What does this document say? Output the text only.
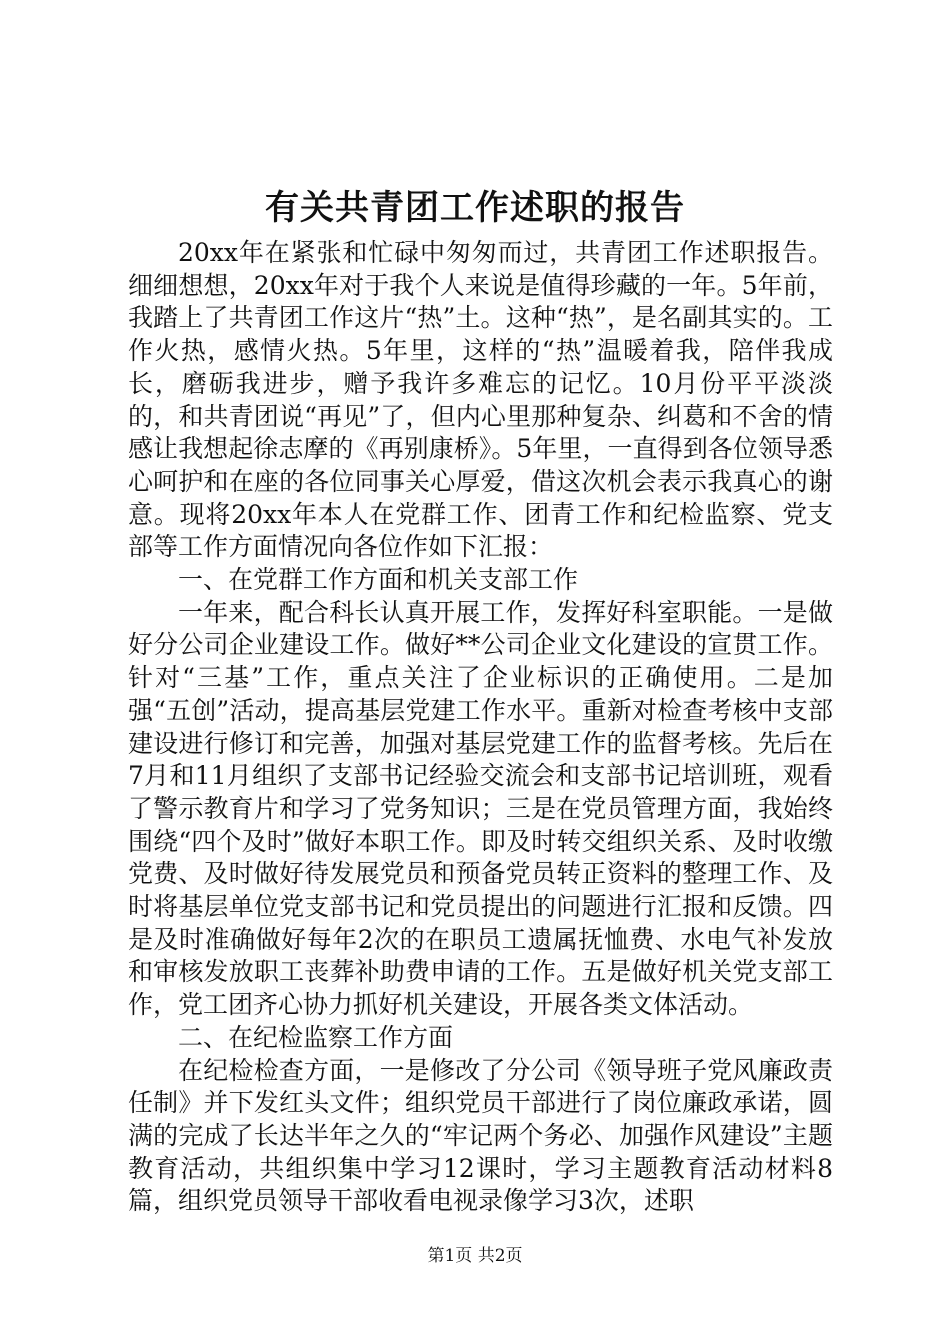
有关共青团工作述职的报告

20xx年在紧张和忙碌中匆匆而过，共青团工作述职报告。细细想想，20xx年对于我个人来说是值得珍藏的一年。5年前，我踏上了共青团工作这片“热”土。这种“热”，是名副其实的。工作火热，感情火热。5年里，这样的“热”温暖着我，陪伴我成长，磨砺我进步，赠予我许多难忘的记忆。10月份平平淡淡的，和共青团说“再见”了，但内心里那种复杂、纠葛和不舍的情感让我想起徐志摩的《再别康桥》。5年里，一直得到各位领导悉心呵护和在座的各位同事关心厚爱，借这次机会表示我真心的谢意。现将20xx年本人在党群工作、团青工作和纪检监察、党支部等工作方面情况向各位作如下汇报：

一、在党群工作方面和机关支部工作

一年来，配合科长认真开展工作，发挥好科室职能。一是做好分公司企业建设工作。做好**公司企业文化建设的宣贯工作。针对“三基”工作，重点关注了企业标识的正确使用。二是加强“五创”活动，提高基层党建工作水平。重新对检查考核中支部建设进行修订和完善，加强对基层党建工作的监督考核。先后在7月和11月组织了支部书记经验交流会和支部书记培训班，观看了警示教育片和学习了党务知识；三是在党员管理方面，我始终围绕“四个及时”做好本职工作。即及时转交组织关系、及时收缴党费、及时做好待发展党员和预备党员转正资料的整理工作、及时将基层单位党支部书记和党员提出的问题进行汇报和反馈。四是及时准确做好每年2次的在职员工遗属抚恤费、水电气补发放和审核发放职工丧葬补助费申请的工作。五是做好机关党支部工作，党工团齐心协力抓好机关建设，开展各类文体活动。

二、在纪检监察工作方面

在纪检检查方面，一是修改了分公司《领导班子党风廉政责任制》并下发红头文件；组织党员干部进行了岗位廉政承诺，圆满的完成了长达半年之久的“牢记两个务必、加强作风建设”主题教育活动，共组织集中学习12课时，学习主题教育活动材料8篇，组织党员领导干部收看电视录像学习3次，述职

第1页 共2页
